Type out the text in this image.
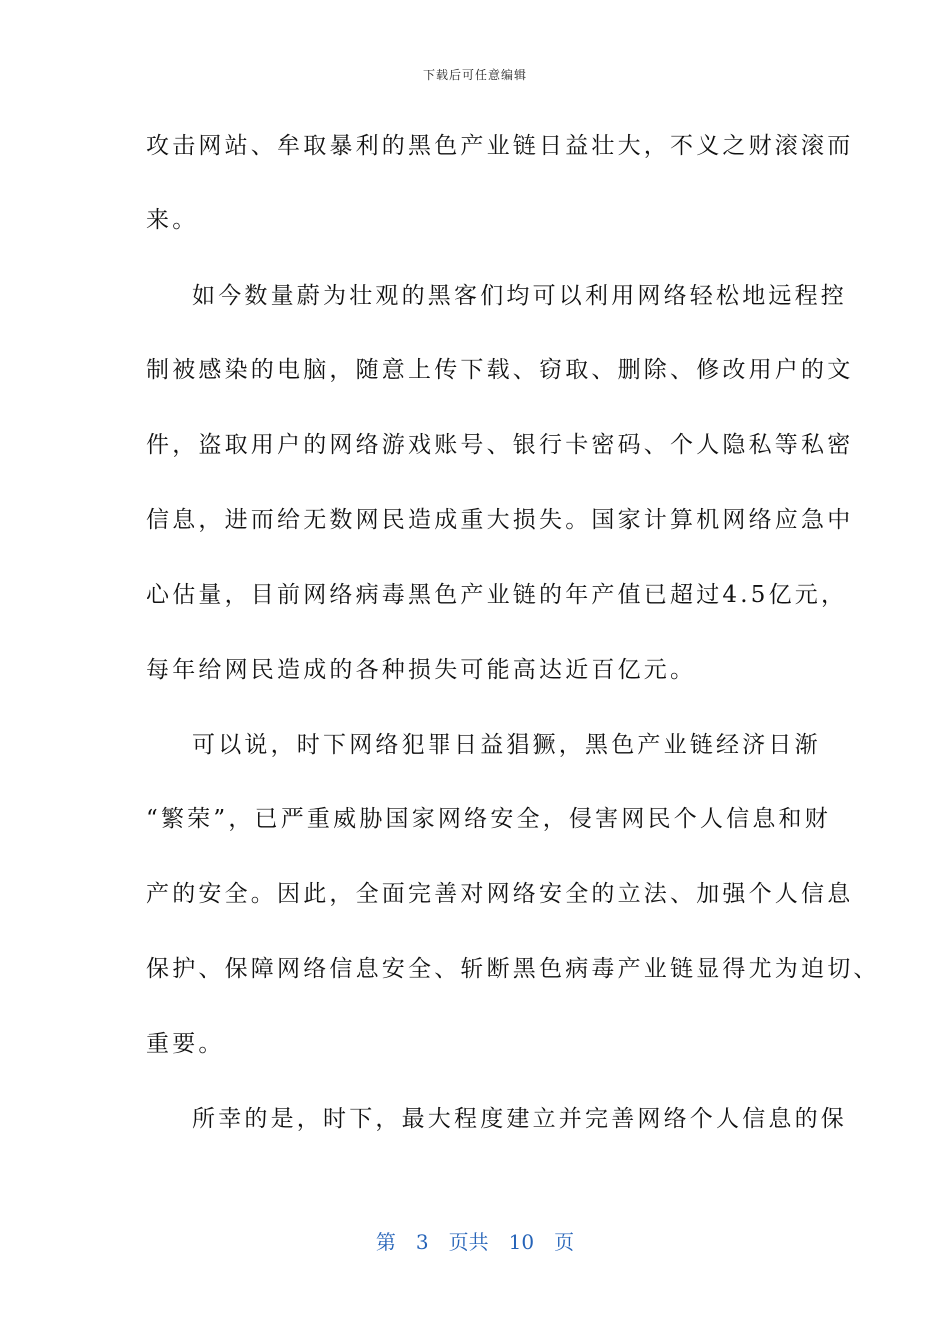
下载后可任意编辑
攻击网站、牟取暴利的黑色产业链日益壮大，不义之财滚滚而
来。
如今数量蔚为壮观的黑客们均可以利用网络轻松地远程控
制被感染的电脑，随意上传下载、窃取、删除、修改用户的文
件，盗取用户的网络游戏账号、银行卡密码、个人隐私等私密
信息，进而给无数网民造成重大损失。国家计算机网络应急中
心估量，目前网络病毒黑色产业链的年产值已超过4.5亿元，
每年给网民造成的各种损失可能高达近百亿元。
可以说，时下网络犯罪日益猖獗，黑色产业链经济日渐
“繁荣”，已严重威胁国家网络安全，侵害网民个人信息和财
产的安全。因此，全面完善对网络安全的立法、加强个人信息
保护、保障网络信息安全、斩断黑色病毒产业链显得尤为迫切、
重要。
所幸的是，时下，最大程度建立并完善网络个人信息的保
第 3 页共 10 页
